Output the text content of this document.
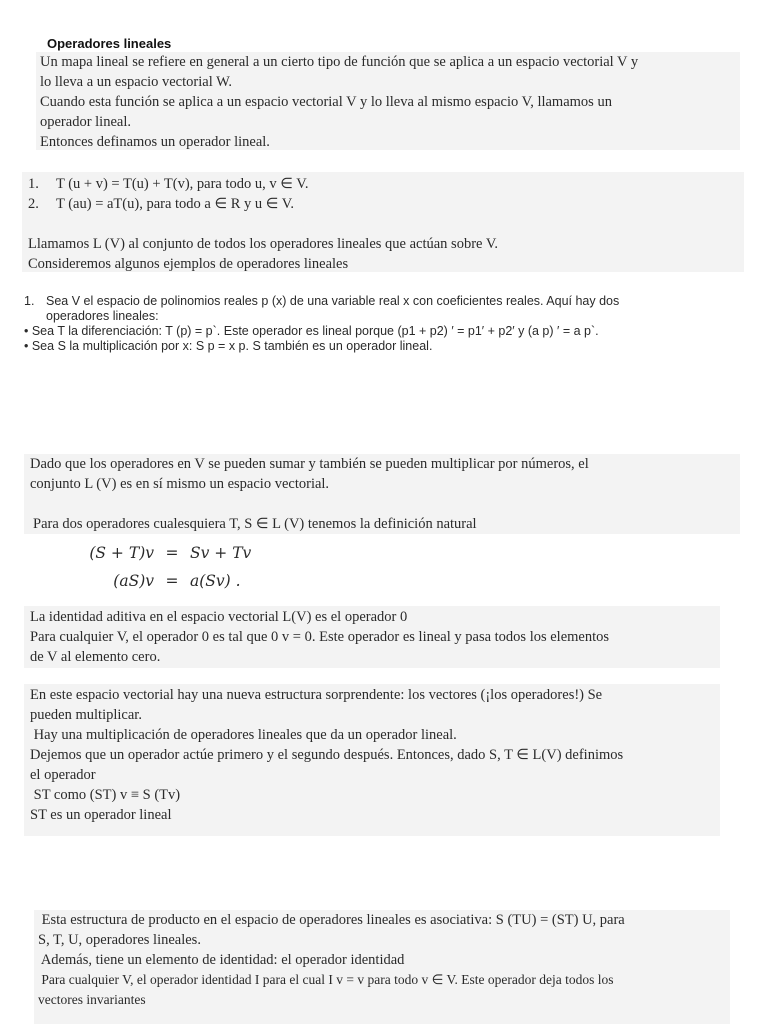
Operadores lineales
Un mapa lineal se refiere en general a un cierto tipo de función que se aplica a un espacio vectorial V y
lo lleva a un espacio vectorial W.
Cuando esta función se aplica a un espacio vectorial V y lo lleva al mismo espacio V, llamamos un
operador lineal.
Entonces definamos un operador lineal.
1.	T (u + v) = T(u) + T(v), para todo u, v ∈ V.
2.	T (au) = aT(u), para todo a ∈ R y u ∈ V.
Llamamos L (V) al conjunto de todos los operadores lineales que actúan sobre V.
Consideremos algunos ejemplos de operadores lineales
1. Sea V el espacio de polinomios reales p (x) de una variable real x con coeficientes reales. Aquí hay dos
operadores lineales:
• Sea T la diferenciación: T (p) = p`. Este operador es lineal porque (p1 + p2) ′ = p1′ + p2′ y (a p) ′ = a p`.
• Sea S la multiplicación por x: S p = x p. S también es un operador lineal.
Dado que los operadores en V se pueden sumar y también se pueden multiplicar por números, el
conjunto L (V) es en sí mismo un espacio vectorial.
Para dos operadores cualesquiera T, S ∈ L (V) tenemos la definición natural
(S + T)v = Sv + Tv
(aS)v = a(Sv) .
La identidad aditiva en el espacio vectorial L(V) es el operador 0
Para cualquier V, el operador 0 es tal que 0 v = 0. Este operador es lineal y pasa todos los elementos
de V al elemento cero.
En este espacio vectorial hay una nueva estructura sorprendente: los vectores (¡los operadores!) Se
pueden multiplicar.
Hay una multiplicación de operadores lineales que da un operador lineal.
Dejemos que un operador actúe primero y el segundo después. Entonces, dado S, T ∈ L(V) definimos
el operador
ST como (ST) v ≡ S (Tv)
ST es un operador lineal
Esta estructura de producto en el espacio de operadores lineales es asociativa: S (TU) = (ST) U, para
S, T, U, operadores lineales.
Además, tiene un elemento de identidad: el operador identidad
Para cualquier V, el operador identidad I para el cual I v = v para todo v ∈ V. Este operador deja todos los
vectores invariantes
